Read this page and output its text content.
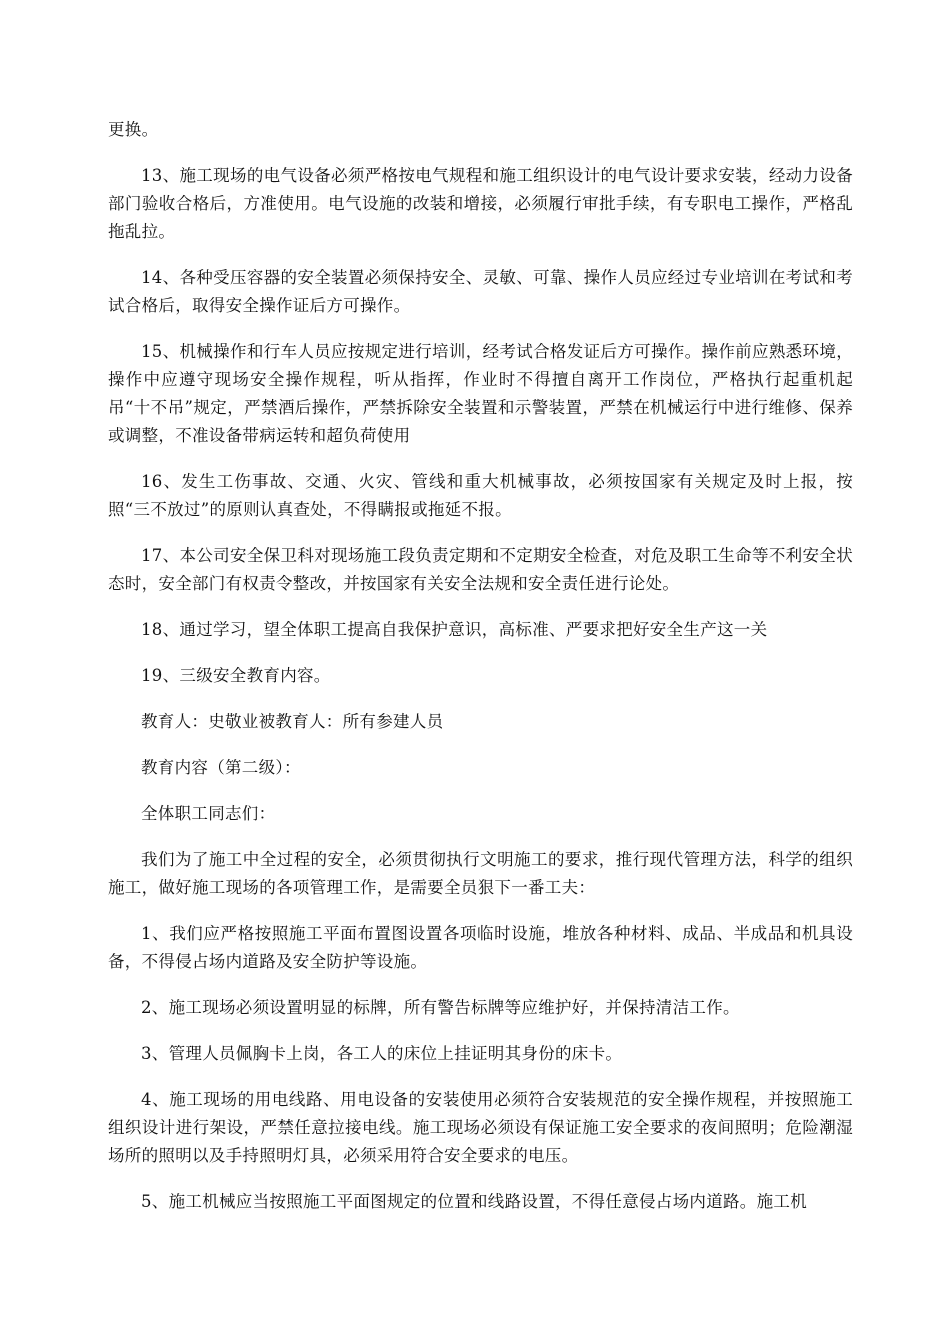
更换。

13、施工现场的电气设备必须严格按电气规程和施工组织设计的电气设计要求安装，经动力设备部门验收合格后，方准使用。电气设施的改装和增接，必须履行审批手续，有专职电工操作，严格乱拖乱拉。

14、各种受压容器的安全装置必须保持安全、灵敏、可靠、操作人员应经过专业培训在考试和考试合格后，取得安全操作证后方可操作。

15、机械操作和行车人员应按规定进行培训，经考试合格发证后方可操作。操作前应熟悉环境，操作中应遵守现场安全操作规程，听从指挥，作业时不得擅自离开工作岗位，严格执行起重机起吊“十不吊”规定，严禁酒后操作，严禁拆除安全装置和示警装置，严禁在机械运行中进行维修、保养或调整，不准设备带病运转和超负荷使用

16、发生工伤事故、交通、火灾、管线和重大机械事故，必须按国家有关规定及时上报，按照“三不放过”的原则认真查处，不得瞒报或拖延不报。

17、本公司安全保卫科对现场施工段负责定期和不定期安全检查，对危及职工生命等不利安全状态时，安全部门有权责令整改，并按国家有关安全法规和安全责任进行论处。

18、通过学习，望全体职工提高自我保护意识，高标准、严要求把好安全生产这一关

19、三级安全教育内容。

教育人：史敬业被教育人：所有参建人员

教育内容（第二级）：

全体职工同志们：

我们为了施工中全过程的安全，必须贯彻执行文明施工的要求，推行现代管理方法，科学的组织施工，做好施工现场的各项管理工作，是需要全员狠下一番工夫：

1、我们应严格按照施工平面布置图设置各项临时设施，堆放各种材料、成品、半成品和机具设备，不得侵占场内道路及安全防护等设施。

2、施工现场必须设置明显的标牌，所有警告标牌等应维护好，并保持清洁工作。

3、管理人员佩胸卡上岗，各工人的床位上挂证明其身份的床卡。

4、施工现场的用电线路、用电设备的安装使用必须符合安装规范的安全操作规程，并按照施工组织设计进行架设，严禁任意拉接电线。施工现场必须设有保证施工安全要求的夜间照明；危险潮湿场所的照明以及手持照明灯具，必须采用符合安全要求的电压。

5、施工机械应当按照施工平面图规定的位置和线路设置，不得任意侵占场内道路。施工机
